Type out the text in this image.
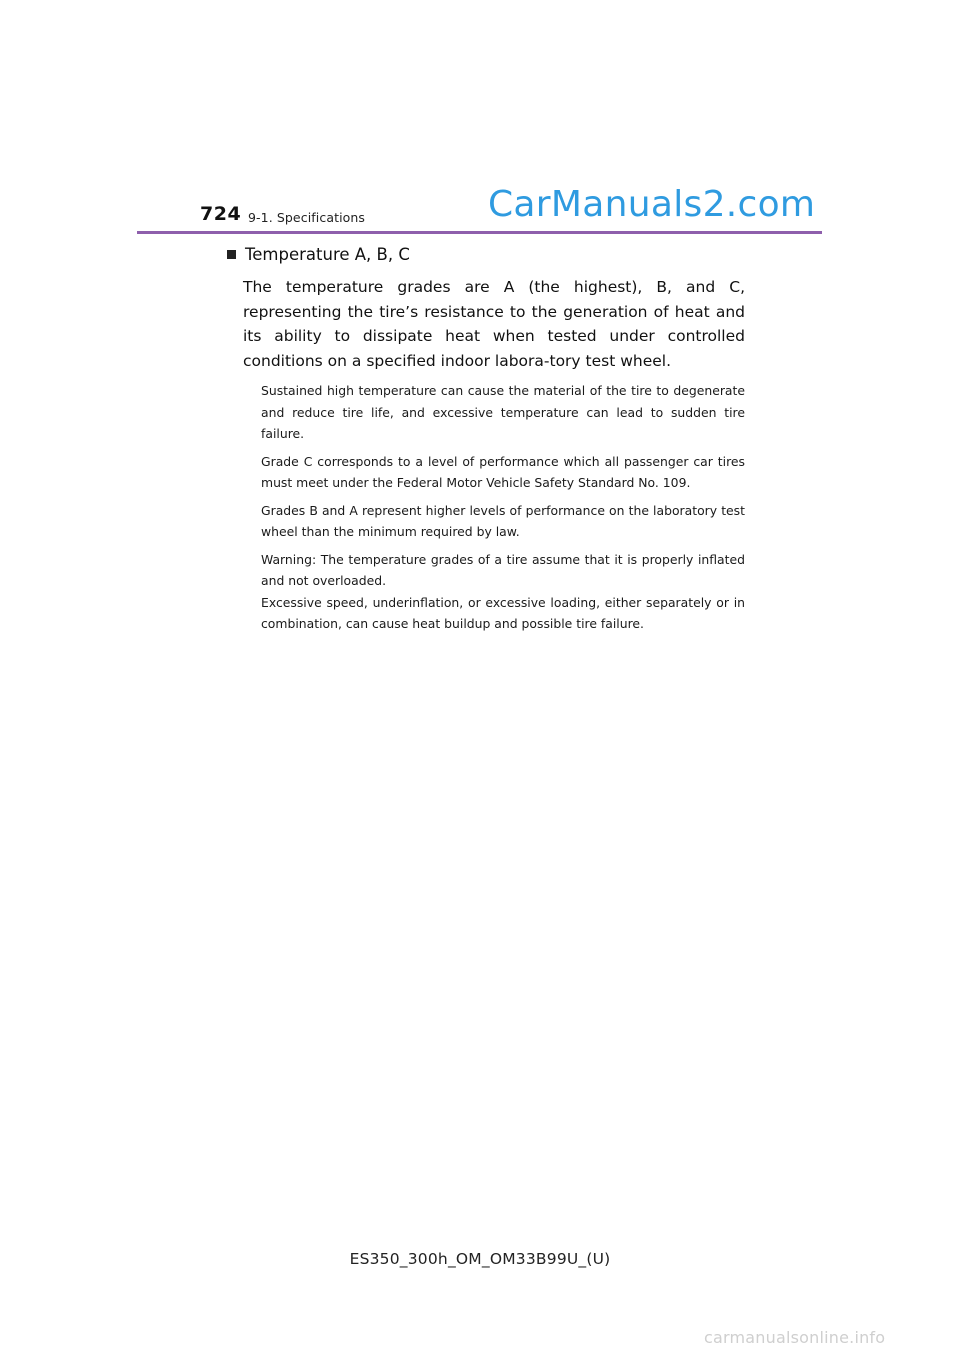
724 9-1. Specifications	CarManuals2.com
Temperature A, B, C

The temperature grades are A (the highest), B, and C, representing the tire’s resistance to the generation of heat and its ability to dissipate heat when tested under controlled conditions on a specified indoor labora-tory test wheel.

Sustained high temperature can cause the material of the tire to degenerate and reduce tire life, and excessive temperature can lead to sudden tire failure.

Grade C corresponds to a level of performance which all passenger car tires must meet under the Federal Motor Vehicle Safety Standard No. 109.

Grades B and A represent higher levels of performance on the laboratory test wheel than the minimum required by law.

Warning: The temperature grades of a tire assume that it is properly inflated and not overloaded.

Excessive speed, underinflation, or excessive loading, either separately or in combination, can cause heat buildup and possible tire failure.

ES350_300h_OM_OM33B99U_(U)
carmanualsonline.info
